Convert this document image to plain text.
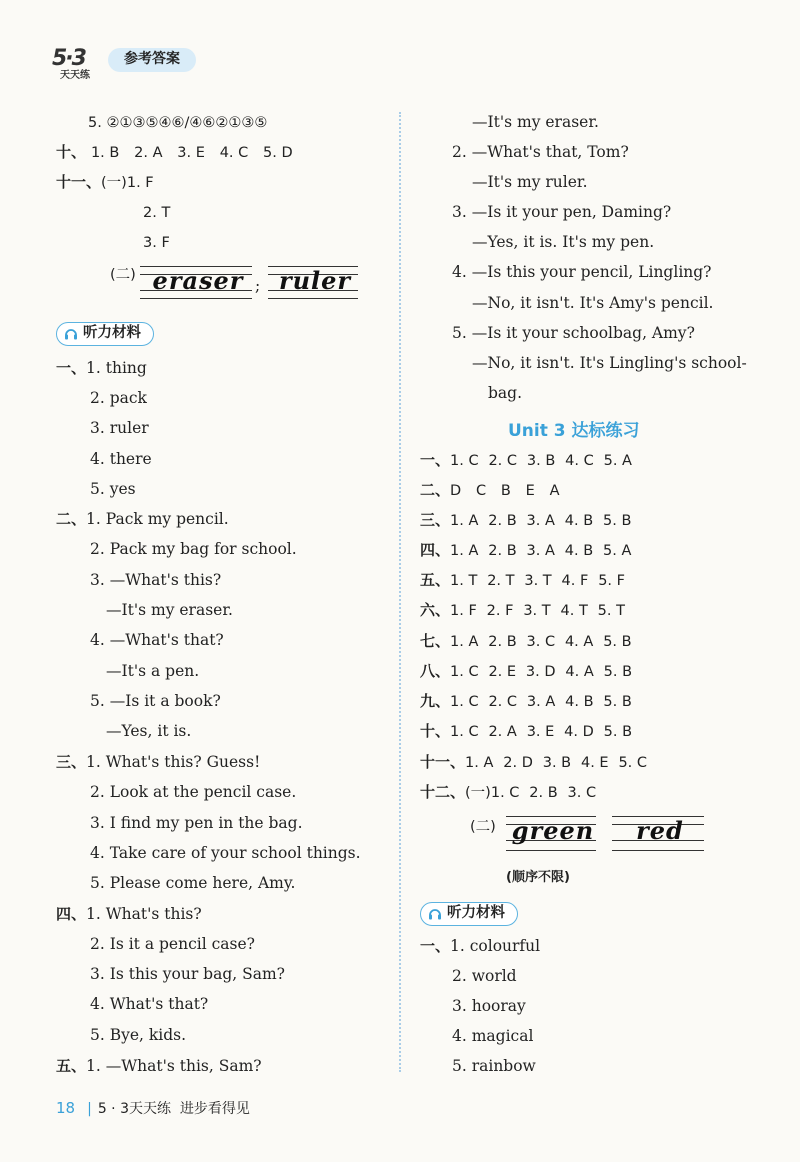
5·3
天天练
参考答案
5. ②①③⑤④⑥/④⑥②①③⑤
十、 1. B 2. A 3. E 4. C 5. D
十一、(一)1. F
2. T
3. F
(二) eraser ; ruler
听力材料
一、1. thing
2. pack
3. ruler
4. there
5. yes
二、1. Pack my pencil.
2. Pack my bag for school.
3. —What's this?
—It's my eraser.
4. —What's that?
—It's a pen.
5. —Is it a book?
—Yes, it is.
三、1. What's this? Guess!
2. Look at the pencil case.
3. I find my pen in the bag.
4. Take care of your school things.
5. Please come here, Amy.
四、1. What's this?
2. Is it a pencil case?
3. Is this your bag, Sam?
4. What's that?
5. Bye, kids.
五、1. —What's this, Sam?
—It's my eraser.
2. —What's that, Tom?
—It's my ruler.
3. —Is it your pen, Daming?
—Yes, it is. It's my pen.
4. —Is this your pencil, Lingling?
—No, it isn't. It's Amy's pencil.
5. —Is it your schoolbag, Amy?
—No, it isn't. It's Lingling's school-
bag.
Unit 3 达标练习
一、1. C 2. C 3. B 4. C 5. A
二、D C B E A
三、1. A 2. B 3. A 4. B 5. B
四、1. A 2. B 3. A 4. B 5. A
五、1. T 2. T 3. T 4. F 5. F
六、1. F 2. F 3. T 4. T 5. T
七、1. A 2. B 3. C 4. A 5. B
八、1. C 2. E 3. D 4. A 5. B
九、1. C 2. C 3. A 4. B 5. B
十、1. C 2. A 3. E 4. D 5. B
十一、1. A 2. D 3. B 4. E 5. C
十二、(一)1. C 2. B 3. C
(二) green	red
(顺序不限)
听力材料
一、1. colourful
2. world
3. hooray
4. magical
5. rainbow
18 | 5 · 3天天练 进步看得见
